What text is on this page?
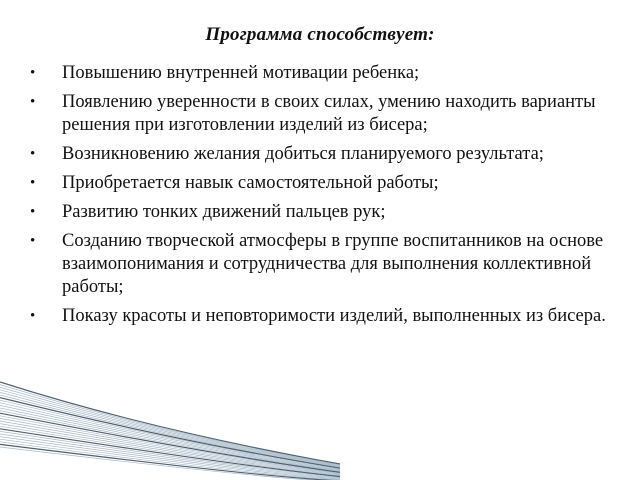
Программа способствует:
•	Повышению внутренней мотивации ребенка;
•	Появлению уверенности в своих силах, умению находить варианты решения при изготовлении изделий из бисера;
•	Возникновению желания добиться планируемого результата;
•	Приобретается навык самостоятельной работы;
•	Развитию тонких движений пальцев рук;
•	Созданию творческой атмосферы в группе воспитанников на основе взаимопонимания и сотрудничества для выполнения коллективной работы;
•	Показу красоты и неповторимости изделий, выполненных из бисера.
